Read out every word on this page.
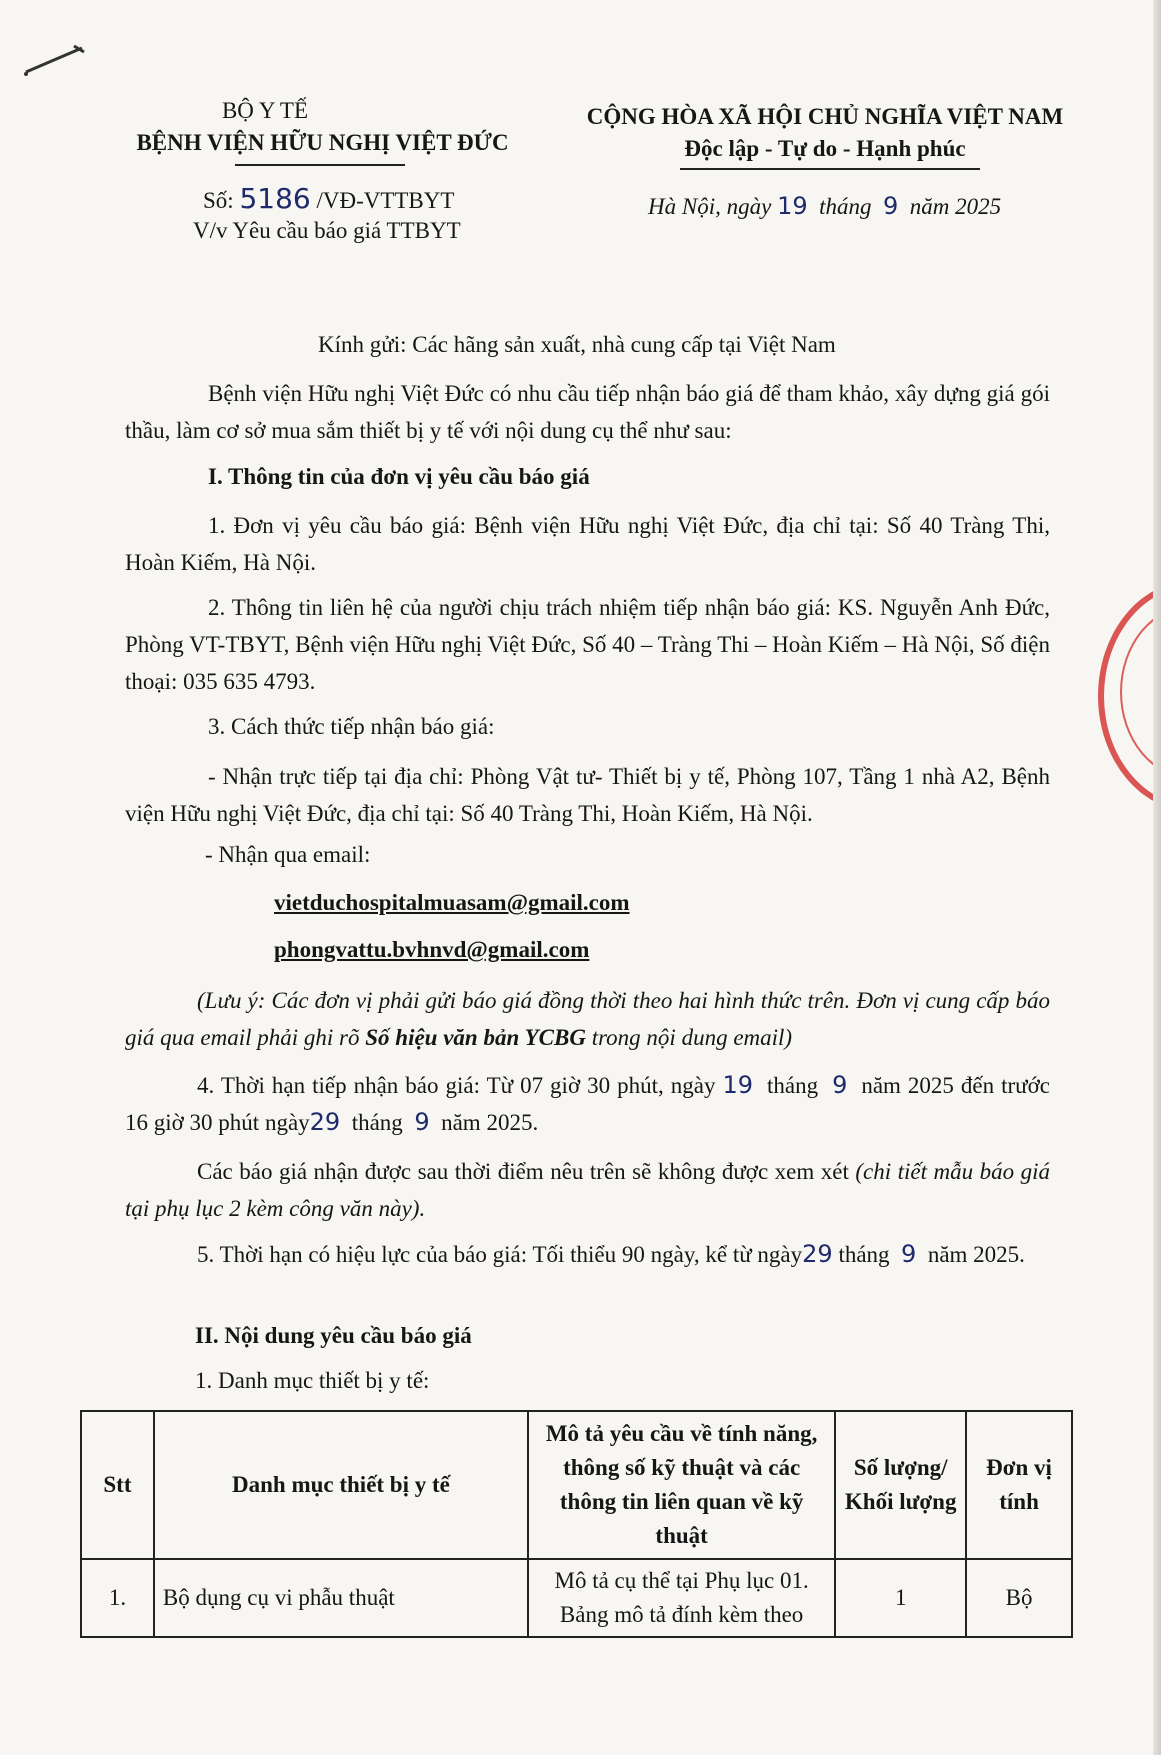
BỘ Y TẾ
BỆNH VIỆN HỮU NGHỊ VIỆT ĐỨC
Số: 5186 /VĐ-VTTBYT
V/v Yêu cầu báo giá TTBYT
CỘNG HÒA XÃ HỘI CHỦ NGHĨA VIỆT NAM
Độc lập - Tự do - Hạnh phúc
Hà Nội, ngày 19 tháng 9 năm 2025
Kính gửi: Các hãng sản xuất, nhà cung cấp tại Việt Nam
Bệnh viện Hữu nghị Việt Đức có nhu cầu tiếp nhận báo giá để tham khảo, xây dựng giá gói thầu, làm cơ sở mua sắm thiết bị y tế với nội dung cụ thể như sau:
I. Thông tin của đơn vị yêu cầu báo giá
1. Đơn vị yêu cầu báo giá: Bệnh viện Hữu nghị Việt Đức, địa chỉ tại: Số 40 Tràng Thi, Hoàn Kiếm, Hà Nội.
2. Thông tin liên hệ của người chịu trách nhiệm tiếp nhận báo giá: KS. Nguyễn Anh Đức, Phòng VT-TBYT, Bệnh viện Hữu nghị Việt Đức, Số 40 – Tràng Thi – Hoàn Kiếm – Hà Nội, Số điện thoại: 035 635 4793.
3. Cách thức tiếp nhận báo giá:
- Nhận trực tiếp tại địa chỉ: Phòng Vật tư- Thiết bị y tế, Phòng 107, Tầng 1 nhà A2, Bệnh viện Hữu nghị Việt Đức, địa chỉ tại: Số 40 Tràng Thi, Hoàn Kiếm, Hà Nội.
- Nhận qua email:
vietduchospitalmuasam@gmail.com
phongvattu.bvhnvd@gmail.com
(Lưu ý: Các đơn vị phải gửi báo giá đồng thời theo hai hình thức trên. Đơn vị cung cấp báo giá qua email phải ghi rõ Số hiệu văn bản YCBG trong nội dung email)
4. Thời hạn tiếp nhận báo giá: Từ 07 giờ 30 phút, ngày 19 tháng 9 năm 2025 đến trước 16 giờ 30 phút ngày29 tháng 9 năm 2025.
Các báo giá nhận được sau thời điểm nêu trên sẽ không được xem xét (chi tiết mẫu báo giá tại phụ lục 2 kèm công văn này).
5. Thời hạn có hiệu lực của báo giá: Tối thiểu 90 ngày, kể từ ngày29 tháng 9 năm 2025.
II. Nội dung yêu cầu báo giá
1. Danh mục thiết bị y tế:
Stt	Danh mục thiết bị y tế	Mô tả yêu cầu về tính năng, thông số kỹ thuật và các thông tin liên quan về kỹ thuật	Số lượng/ Khối lượng	Đơn vị tính
1.	Bộ dụng cụ vi phẫu thuật	Mô tả cụ thể tại Phụ lục 01. Bảng mô tả đính kèm theo	1	Bộ
